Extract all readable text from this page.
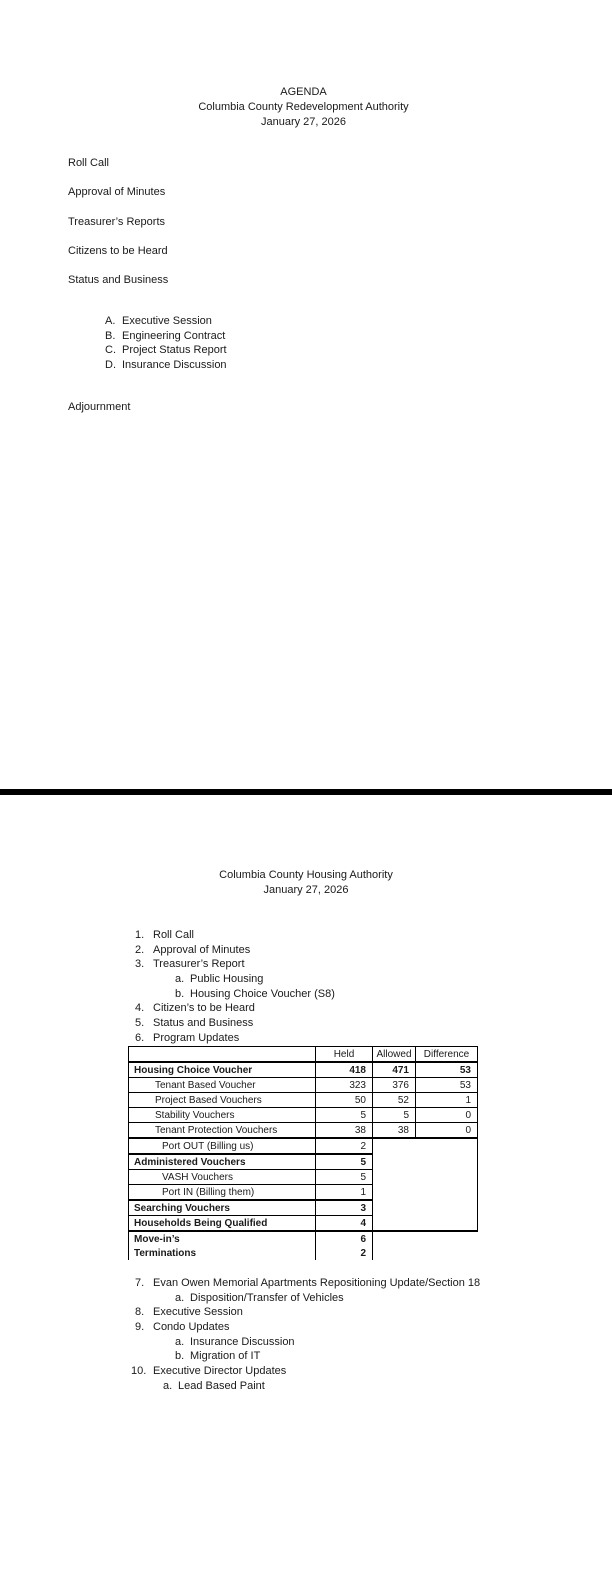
AGENDA
Columbia County Redevelopment Authority
January 27, 2026
Roll Call
Approval of Minutes
Treasurer’s Reports
Citizens to be Heard
Status and Business
A. Executive Session
B. Engineering Contract
C. Project Status Report
D. Insurance Discussion
Adjournment
Columbia County Housing Authority
January 27, 2026
1. Roll Call
2. Approval of Minutes
3. Treasurer’s Report
a. Public Housing
b. Housing Choice Voucher (S8)
4. Citizen’s to be Heard
5. Status and Business
6. Program Updates
	Held	Allowed	Difference
Housing Choice Voucher	418	471	53
Tenant Based Voucher	323	376	53
Project Based Vouchers	50	52	1
Stability Vouchers	5	5	0
Tenant Protection Vouchers	38	38	0
Port OUT (Billing us)	2		
Administered Vouchers	5		
VASH Vouchers	5		
Port IN (Billing them)	1		
Searching Vouchers	3		
Households Being Qualified	4		
Move-in’s	6		
Terminations	2		
7. Evan Owen Memorial Apartments Repositioning Update/Section 18
a. Disposition/Transfer of Vehicles
8. Executive Session
9. Condo Updates
a. Insurance Discussion
b. Migration of IT
10. Executive Director Updates
a. Lead Based Paint
